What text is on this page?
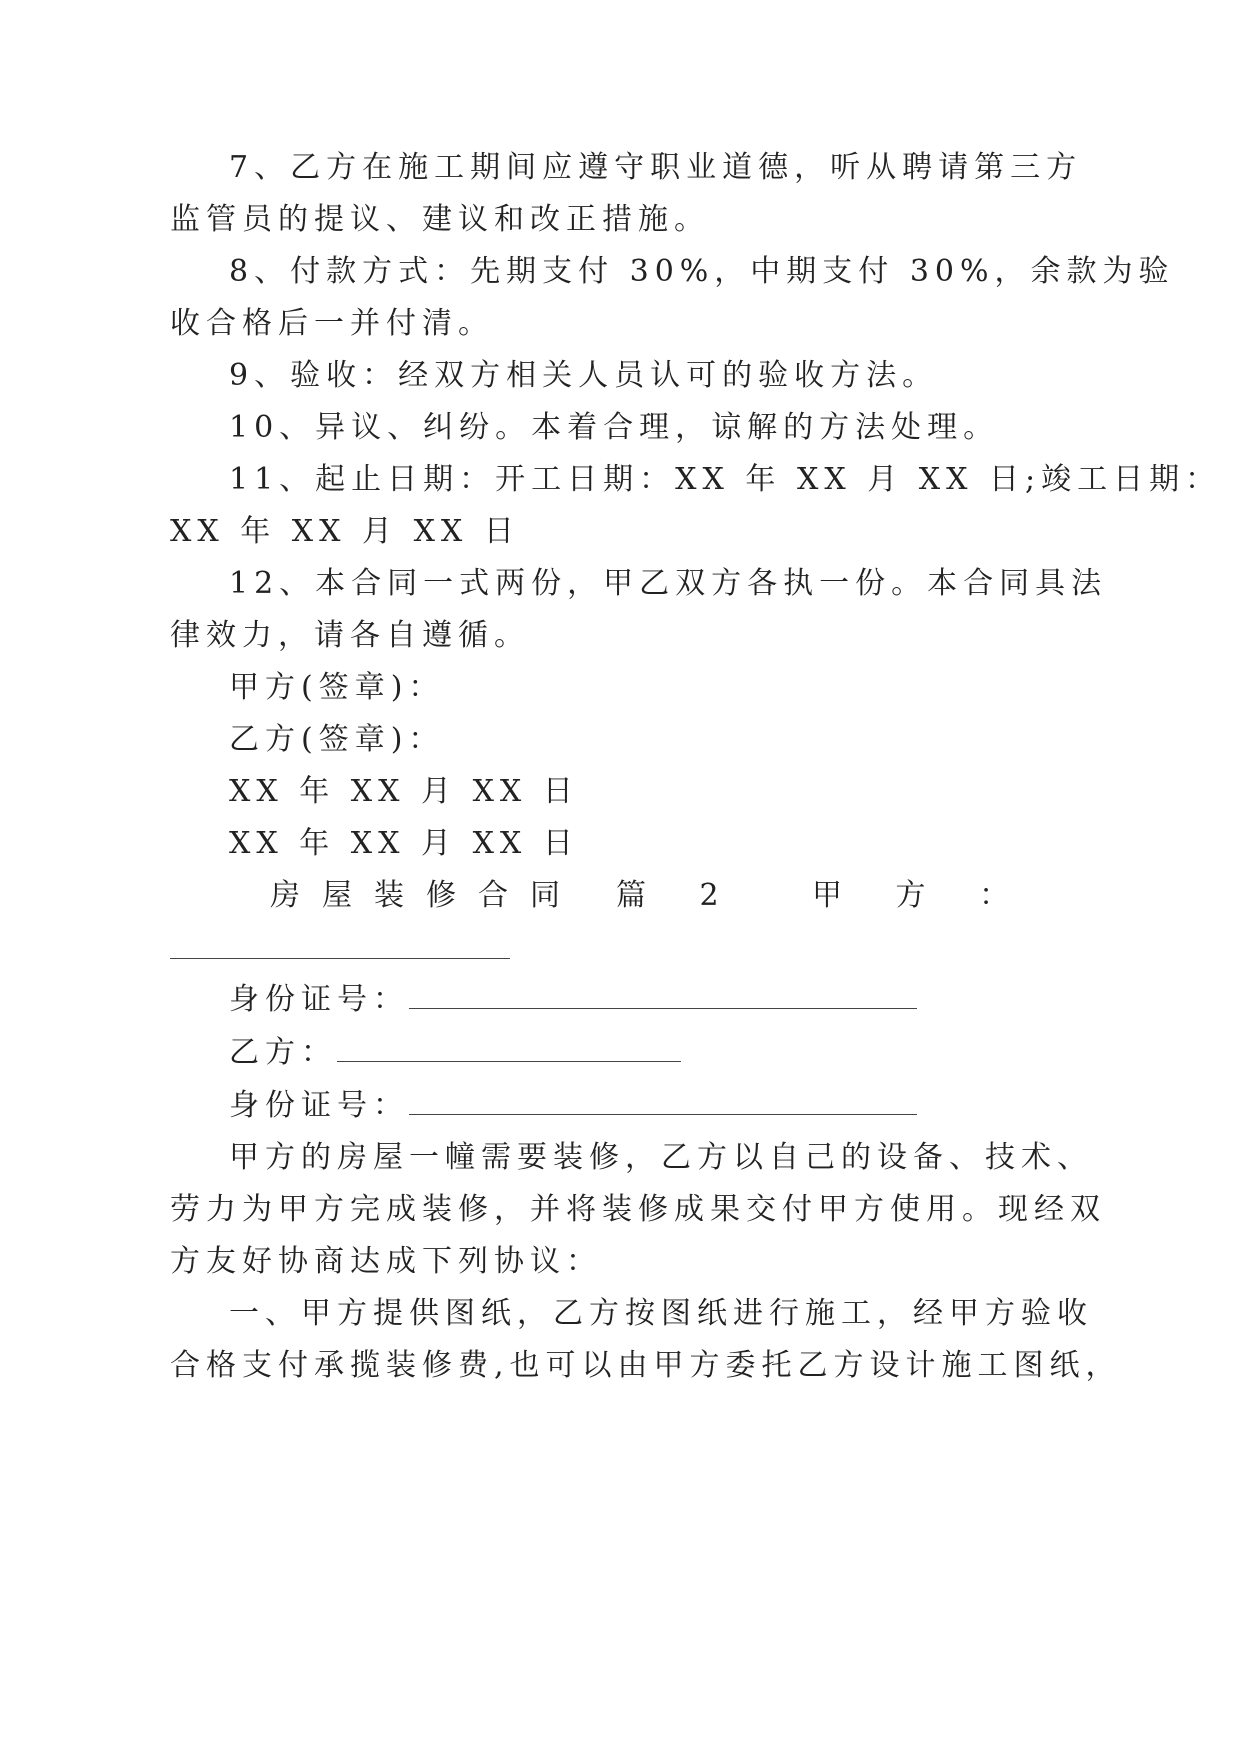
7、乙方在施工期间应遵守职业道德，听从聘请第三方
监管员的提议、建议和改正措施。
8、付款方式：先期支付 30%，中期支付 30%，余款为验
收合格后一并付清。
9、验收：经双方相关人员认可的验收方法。
10、异议、纠纷。本着合理，谅解的方法处理。
11、起止日期：开工日期：XX 年 XX 月 XX 日;竣工日期：
XX 年 XX 月 XX 日
12、本合同一式两份，甲乙双方各执一份。本合同具法
律效力，请各自遵循。
甲方(签章)：
乙方(签章)：
XX 年 XX 月 XX 日
XX 年 XX 月 XX 日
房屋装修合同 篇 2 甲 方 ：
身份证号：
乙方：
身份证号：
甲方的房屋一幢需要装修，乙方以自己的设备、技术、
劳力为甲方完成装修，并将装修成果交付甲方使用。现经双
方友好协商达成下列协议：
一、甲方提供图纸，乙方按图纸进行施工，经甲方验收
合格支付承揽装修费,也可以由甲方委托乙方设计施工图纸，
